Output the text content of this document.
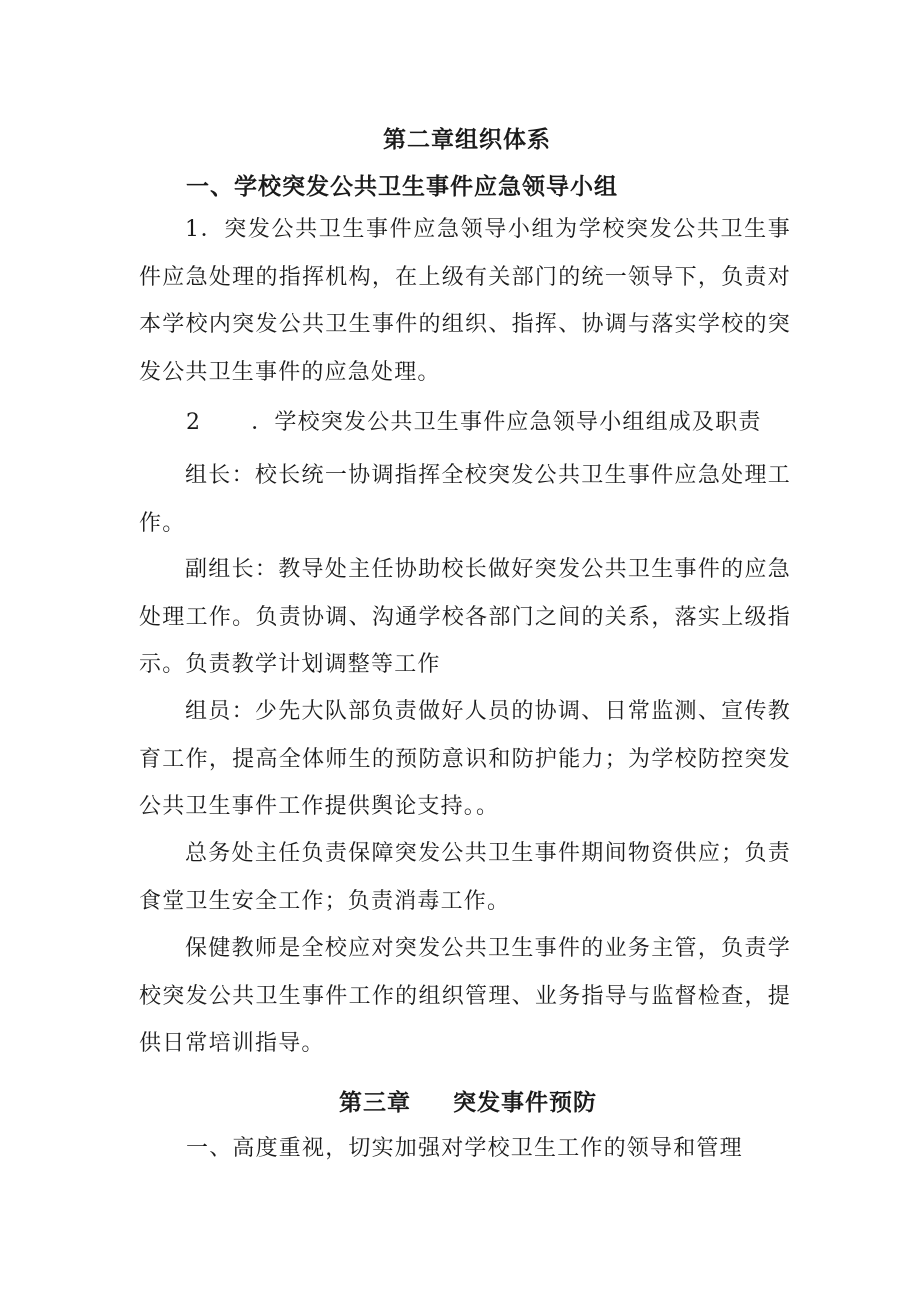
第二章组织体系
一、学校突发公共卫生事件应急领导小组

1．突发公共卫生事件应急领导小组为学校突发公共卫生事件应急处理的指挥机构，在上级有关部门的统一领导下，负责对本学校内突发公共卫生事件的组织、指挥、协调与落实学校的突发公共卫生事件的应急处理。

2 ．学校突发公共卫生事件应急领导小组组成及职责

组长：校长统一协调指挥全校突发公共卫生事件应急处理工作。

副组长：教导处主任协助校长做好突发公共卫生事件的应急处理工作。负责协调、沟通学校各部门之间的关系，落实上级指示。负责教学计划调整等工作

组员：少先大队部负责做好人员的协调、日常监测、宣传教育工作，提高全体师生的预防意识和防护能力；为学校防控突发公共卫生事件工作提供舆论支持。。

总务处主任负责保障突发公共卫生事件期间物资供应；负责食堂卫生安全工作；负责消毒工作。

保健教师是全校应对突发公共卫生事件的业务主管，负责学校突发公共卫生事件工作的组织管理、业务指导与监督检查，提供日常培训指导。

第三章 突发事件预防
一、高度重视，切实加强对学校卫生工作的领导和管理
